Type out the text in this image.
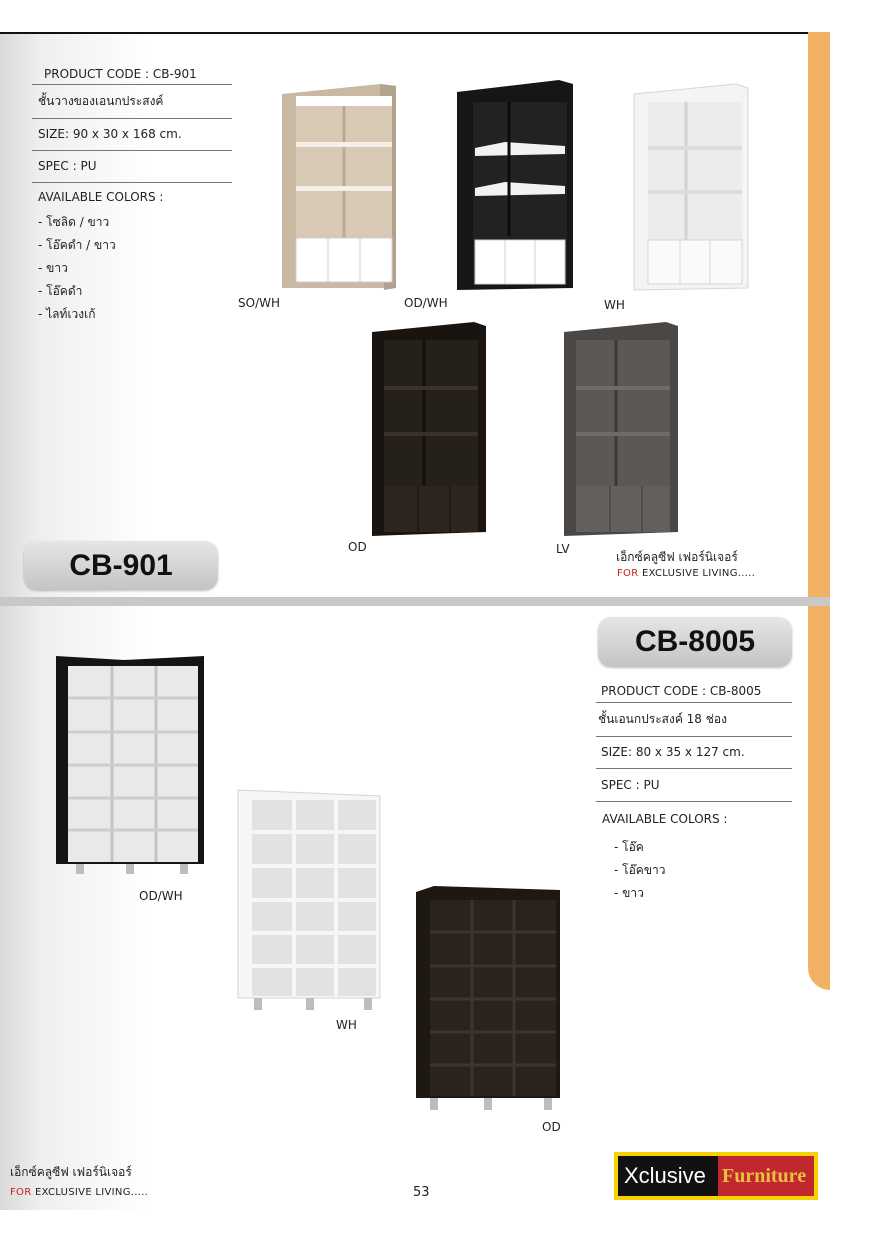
PRODUCT CODE : CB-901
ชั้นวางของเอนกประสงค์
SIZE: 90 x 30 x 168 cm.
SPEC : PU
AVAILABLE COLORS :
- โซลิด / ขาว
- โอ๊คดำ / ขาว
- ขาว
- โอ๊คดำ
- ไลท์เวงเก้
CB-901
SO/WH	OD/WH	WH
OD	LV
เอ็กซ์คลูซีฟ เฟอร์นิเจอร์
FOR EXCLUSIVE LIVING.....
CB-8005
PRODUCT CODE : CB-8005
ชั้นเอนกประสงค์ 18 ช่อง
SIZE: 80 x 35 x 127 cm.
SPEC : PU
AVAILABLE COLORS :
- โอ๊ค
- โอ๊คขาว
- ขาว
OD/WH
WH
OD
เอ็กซ์คลูซีฟ เฟอร์นิเจอร์
FOR EXCLUSIVE LIVING.....	53
Xclusive Furniture
